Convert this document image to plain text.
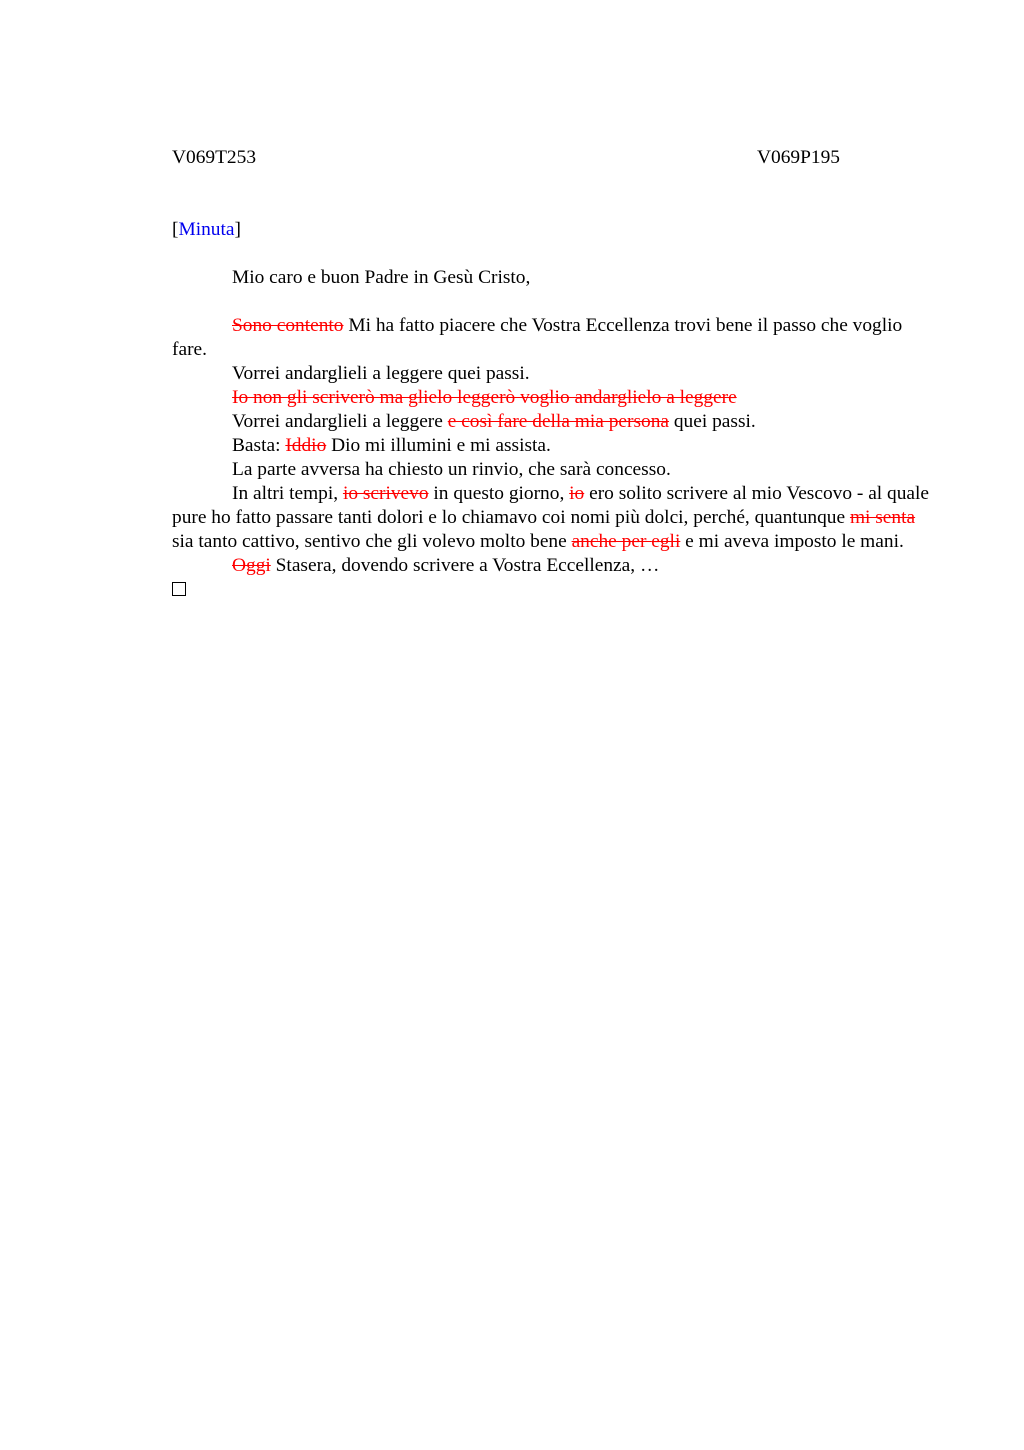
V069T253	V069P195
[Minuta]

Mio caro e buon Padre in Gesù Cristo,

Sono contento Mi ha fatto piacere che Vostra Eccellenza trovi bene il passo che voglio fare.

Vorrei andarglieli a leggere quei passi.

Io non gli scriverò ma glielo leggerò voglio andarglielo a leggere

Vorrei andarglieli a leggere e così fare della mia persona quei passi.

Basta: Iddio Dio mi illumini e mi assista.

La parte avversa ha chiesto un rinvio, che sarà concesso.

In altri tempi, io scrivevo in questo giorno, io ero solito scrivere al mio Vescovo - al quale pure ho fatto passare tanti dolori e lo chiamavo coi nomi più dolci, perché, quantunque mi senta sia tanto cattivo, sentivo che gli volevo molto bene anche per egli e mi aveva imposto le mani.

Oggi Stasera, dovendo scrivere a Vostra Eccellenza, …
